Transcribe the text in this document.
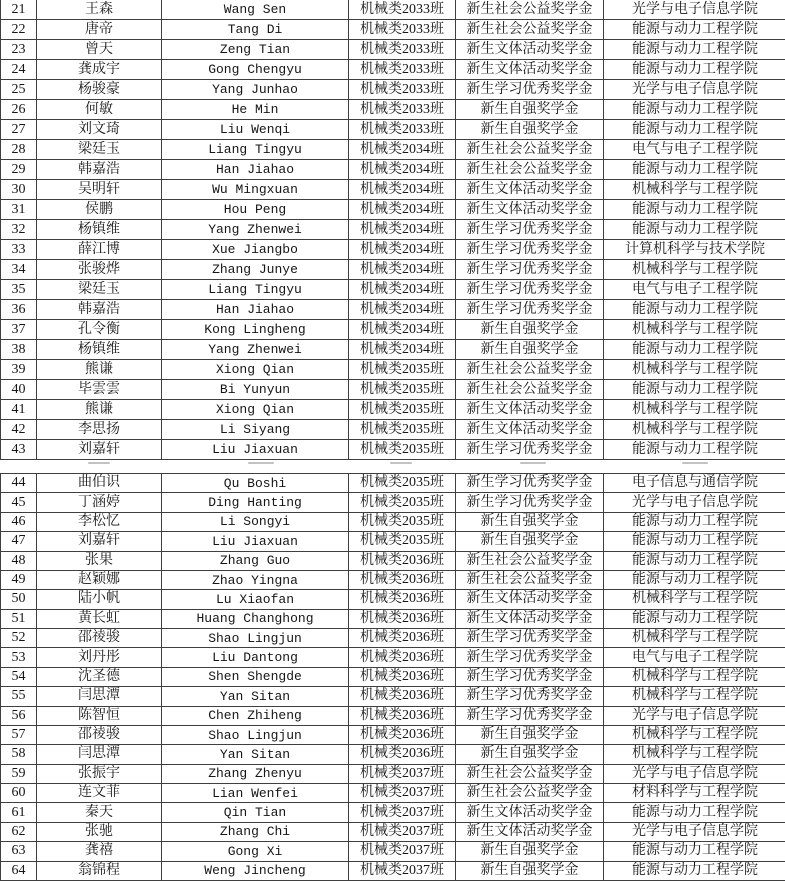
21	王森	Wang Sen	机械类2033班	新生社会公益奖学金	光学与电子信息学院
22	唐帝	Tang Di	机械类2033班	新生社会公益奖学金	能源与动力工程学院
23	曾天	Zeng Tian	机械类2033班	新生文体活动奖学金	能源与动力工程学院
24	龚成宇	Gong Chengyu	机械类2033班	新生文体活动奖学金	能源与动力工程学院
25	杨骏豪	Yang Junhao	机械类2033班	新生学习优秀奖学金	光学与电子信息学院
26	何敏	He Min	机械类2033班	新生自强奖学金	能源与动力工程学院
27	刘文琦	Liu Wenqi	机械类2033班	新生自强奖学金	能源与动力工程学院
28	梁廷玉	Liang Tingyu	机械类2034班	新生社会公益奖学金	电气与电子工程学院
29	韩嘉浩	Han Jiahao	机械类2034班	新生社会公益奖学金	能源与动力工程学院
30	吴明轩	Wu Mingxuan	机械类2034班	新生文体活动奖学金	机械科学与工程学院
31	侯鹏	Hou Peng	机械类2034班	新生文体活动奖学金	能源与动力工程学院
32	杨镇维	Yang Zhenwei	机械类2034班	新生学习优秀奖学金	能源与动力工程学院
33	薛江博	Xue Jiangbo	机械类2034班	新生学习优秀奖学金	计算机科学与技术学院
34	张骏烨	Zhang Junye	机械类2034班	新生学习优秀奖学金	机械科学与工程学院
35	梁廷玉	Liang Tingyu	机械类2034班	新生学习优秀奖学金	电气与电子工程学院
36	韩嘉浩	Han Jiahao	机械类2034班	新生学习优秀奖学金	能源与动力工程学院
37	孔令衡	Kong Lingheng	机械类2034班	新生自强奖学金	机械科学与工程学院
38	杨镇维	Yang Zhenwei	机械类2034班	新生自强奖学金	能源与动力工程学院
39	熊谦	Xiong Qian	机械类2035班	新生社会公益奖学金	机械科学与工程学院
40	毕雲雲	Bi Yunyun	机械类2035班	新生社会公益奖学金	能源与动力工程学院
41	熊谦	Xiong Qian	机械类2035班	新生文体活动奖学金	机械科学与工程学院
42	李思扬	Li Siyang	机械类2035班	新生文体活动奖学金	机械科学与工程学院
43	刘嘉轩	Liu Jiaxuan	机械类2035班	新生学习优秀奖学金	能源与动力工程学院
44	曲伯识	Qu Boshi	机械类2035班	新生学习优秀奖学金	电子信息与通信学院
45	丁涵婷	Ding Hanting	机械类2035班	新生学习优秀奖学金	光学与电子信息学院
46	李松忆	Li Songyi	机械类2035班	新生自强奖学金	能源与动力工程学院
47	刘嘉轩	Liu Jiaxuan	机械类2035班	新生自强奖学金	能源与动力工程学院
48	张果	Zhang Guo	机械类2036班	新生社会公益奖学金	能源与动力工程学院
49	赵颖娜	Zhao Yingna	机械类2036班	新生社会公益奖学金	能源与动力工程学院
50	陆小帆	Lu Xiaofan	机械类2036班	新生文体活动奖学金	机械科学与工程学院
51	黄长虹	Huang Changhong	机械类2036班	新生文体活动奖学金	能源与动力工程学院
52	邵祾骏	Shao Lingjun	机械类2036班	新生学习优秀奖学金	机械科学与工程学院
53	刘丹彤	Liu Dantong	机械类2036班	新生学习优秀奖学金	电气与电子工程学院
54	沈圣德	Shen Shengde	机械类2036班	新生学习优秀奖学金	机械科学与工程学院
55	闫思潭	Yan Sitan	机械类2036班	新生学习优秀奖学金	机械科学与工程学院
56	陈智恒	Chen Zhiheng	机械类2036班	新生学习优秀奖学金	光学与电子信息学院
57	邵祾骏	Shao Lingjun	机械类2036班	新生自强奖学金	机械科学与工程学院
58	闫思潭	Yan Sitan	机械类2036班	新生自强奖学金	机械科学与工程学院
59	张振宇	Zhang Zhenyu	机械类2037班	新生社会公益奖学金	光学与电子信息学院
60	连文菲	Lian Wenfei	机械类2037班	新生社会公益奖学金	材料科学与工程学院
61	秦天	Qin Tian	机械类2037班	新生文体活动奖学金	能源与动力工程学院
62	张驰	Zhang Chi	机械类2037班	新生文体活动奖学金	光学与电子信息学院
63	龚禧	Gong Xi	机械类2037班	新生自强奖学金	能源与动力工程学院
64	翁锦程	Weng Jincheng	机械类2037班	新生自强奖学金	能源与动力工程学院
